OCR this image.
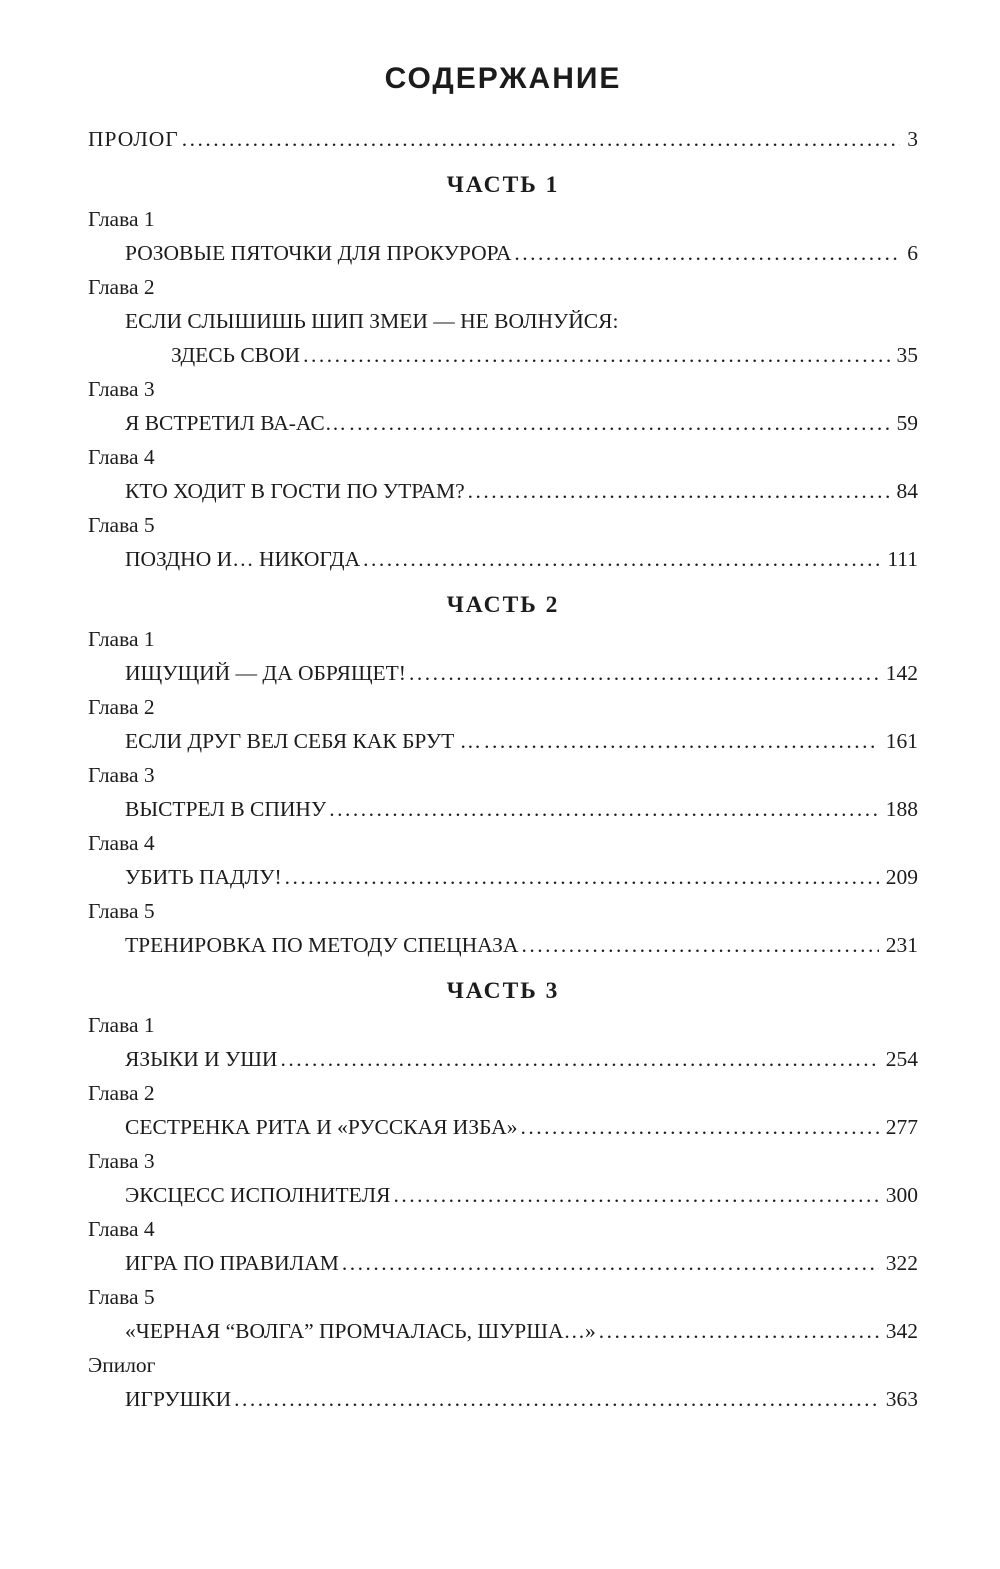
СОДЕРЖАНИЕ
ПРОЛОГ .....	3
ЧАСТЬ 1
Глава 1
РОЗОВЫЕ ПЯТОЧКИ ДЛЯ ПРОКУРОРА .....	6
Глава 2
ЕСЛИ СЛЫШИШЬ ШИП ЗМЕИ — НЕ ВОЛНУЙСЯ:
ЗДЕСЬ СВОИ .....	35
Глава 3
Я ВСТРЕТИЛ ВА-АС… .....	59
Глава 4
КТО ХОДИТ В ГОСТИ ПО УТРАМ? .....	84
Глава 5
ПОЗДНО И… НИКОГДА .....	111
ЧАСТЬ 2
Глава 1
ИЩУЩИЙ — ДА ОБРЯЩЕТ! .....	142
Глава 2
ЕСЛИ ДРУГ ВЕЛ СЕБЯ КАК БРУТ … .....	161
Глава 3
ВЫСТРЕЛ В СПИНУ .....	188
Глава 4
УБИТЬ ПАДЛУ! .....	209
Глава 5
ТРЕНИРОВКА ПО МЕТОДУ СПЕЦНАЗА .....	231
ЧАСТЬ 3
Глава 1
ЯЗЫКИ И УШИ .....	254
Глава 2
СЕСТРЕНКА РИТА И «РУССКАЯ ИЗБА» .....	277
Глава 3
ЭКСЦЕСС ИСПОЛНИТЕЛЯ .....	300
Глава 4
ИГРА ПО ПРАВИЛАМ .....	322
Глава 5
«ЧЕРНАЯ “ВОЛГА” ПРОМЧАЛАСЬ, ШУРША…» .....	342
Эпилог
ИГРУШКИ .....	363
